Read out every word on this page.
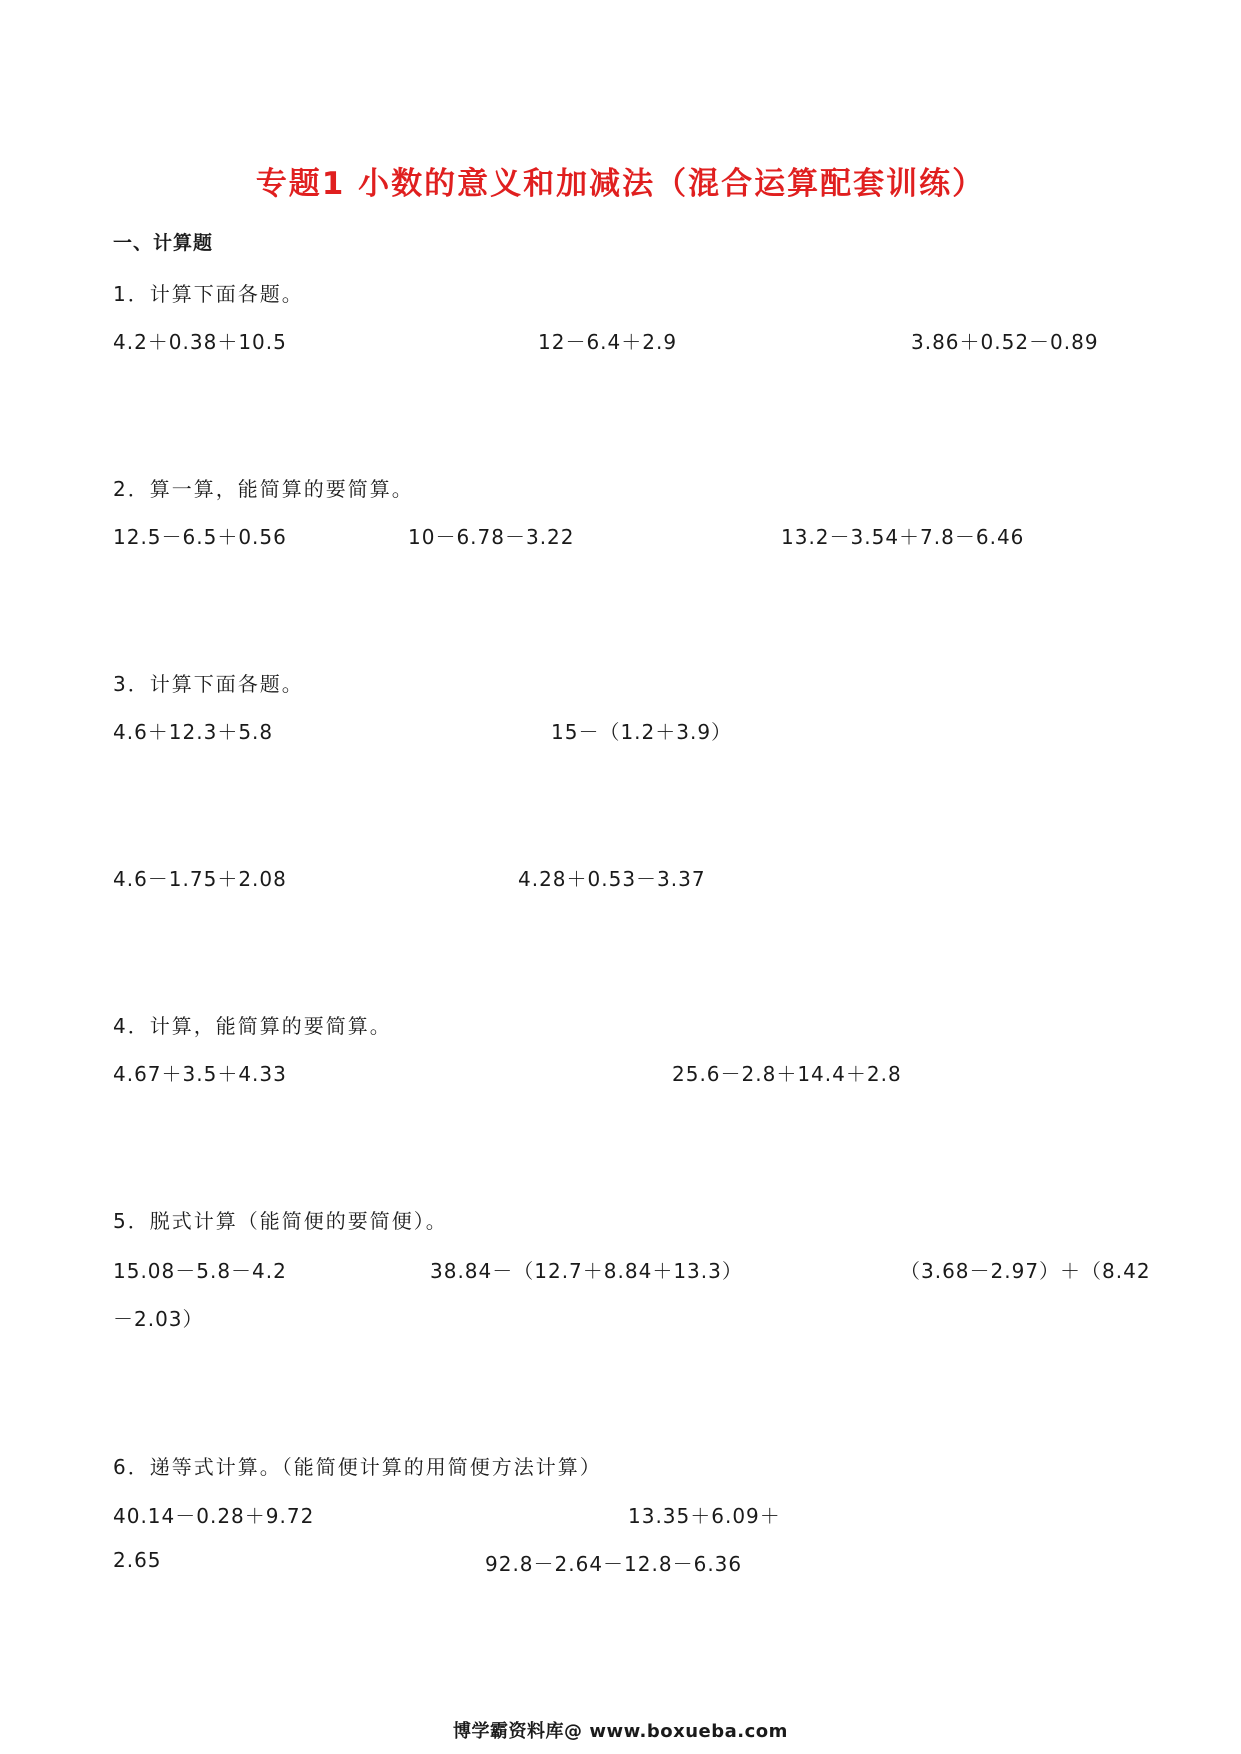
专题1 小数的意义和加减法（混合运算配套训练）
一、计算题
1．计算下面各题。
4.2＋0.38＋10.5	12－6.4＋2.9	3.86＋0.52－0.89
2．算一算，能简算的要简算。
12.5－6.5＋0.56	10－6.78－3.22	13.2－3.54＋7.8－6.46
3．计算下面各题。
4.6＋12.3＋5.8	15－（1.2＋3.9）
4.6－1.75＋2.08	4.28＋0.53－3.37
4．计算，能简算的要简算。
4.67＋3.5＋4.33	25.6－2.8＋14.4＋2.8
5．脱式计算（能简便的要简便）。
15.08－5.8－4.2	38.84－（12.7＋8.84＋13.3）	（3.68－2.97）＋（8.42
－2.03）
6．递等式计算。（能简便计算的用简便方法计算）
40.14－0.28＋9.72	13.35＋6.09＋
2.65	92.8－2.64－12.8－6.36
博学霸资料库@ www.boxueba.com
